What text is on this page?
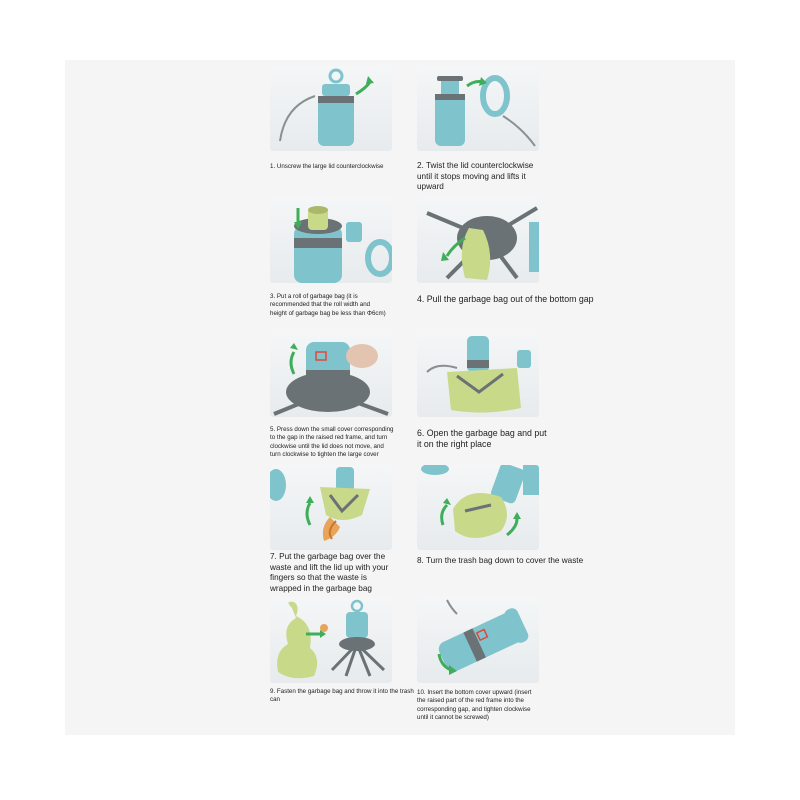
1. Unscrew the large lid counterclockwise	2. Twist the lid counterclockwise until it stops moving and lifts it upward
3. Put a roll of garbage bag (it is recommended that the roll width and height of garbage bag be less than Φ6cm)
4. Pull the garbage bag out of the bottom gap
5. Press down the small cover corresponding to the gap in the raised red frame, and turn clockwise until the lid does not move, and turn clockwise to tighten the large cover
6. Open the garbage bag and put it on the right place
7. Put the garbage bag over the waste and lift the lid up with your fingers so that the waste is wrapped in the garbage bag
8. Turn the trash bag down to cover the waste
9. Fasten the garbage bag and throw it into the trash can
10. Insert the bottom cover upward (insert the raised part of the red frame into the corresponding gap, and tighten clockwise until it cannot be screwed)
